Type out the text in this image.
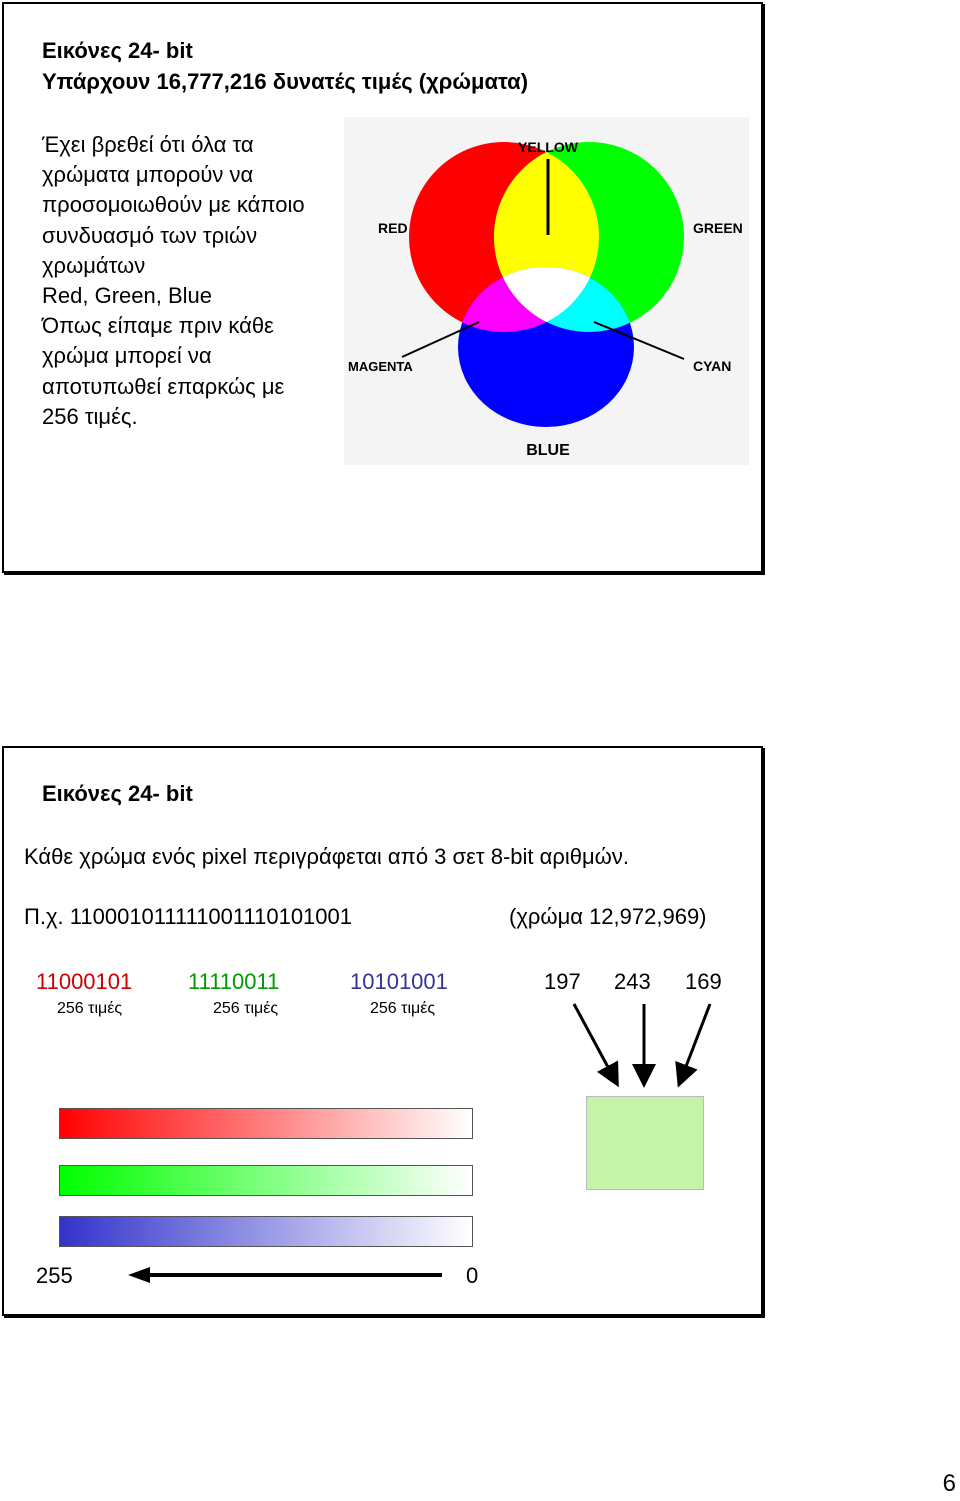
Εικόνες 24- bit
Υπάρχουν 16,777,216 δυνατές τιμές (χρώματα)
Έχει βρεθεί ότι όλα τα
χρώματα μπορούν να
προσομοιωθούν με κάποιο
συνδυασμό των τριών
χρωμάτων
Red, Green, Blue
Όπως είπαμε πριν κάθε
χρώμα μπορεί να
αποτυπωθεί επαρκώς με
256 τιμές.
YELLOW
RED	GREEN
MAGENTA	CYAN
BLUE
Εικόνες 24- bit
Κάθε χρώμα ενός pixel περιγράφεται από 3 σετ 8-bit αριθμών.
Π.χ. 110001011111001110101001	(χρώμα 12,972,969)
11000101	11110011	10101001
256 τιμές	256 τιμές	256 τιμές
197 243 169
255	0
6
